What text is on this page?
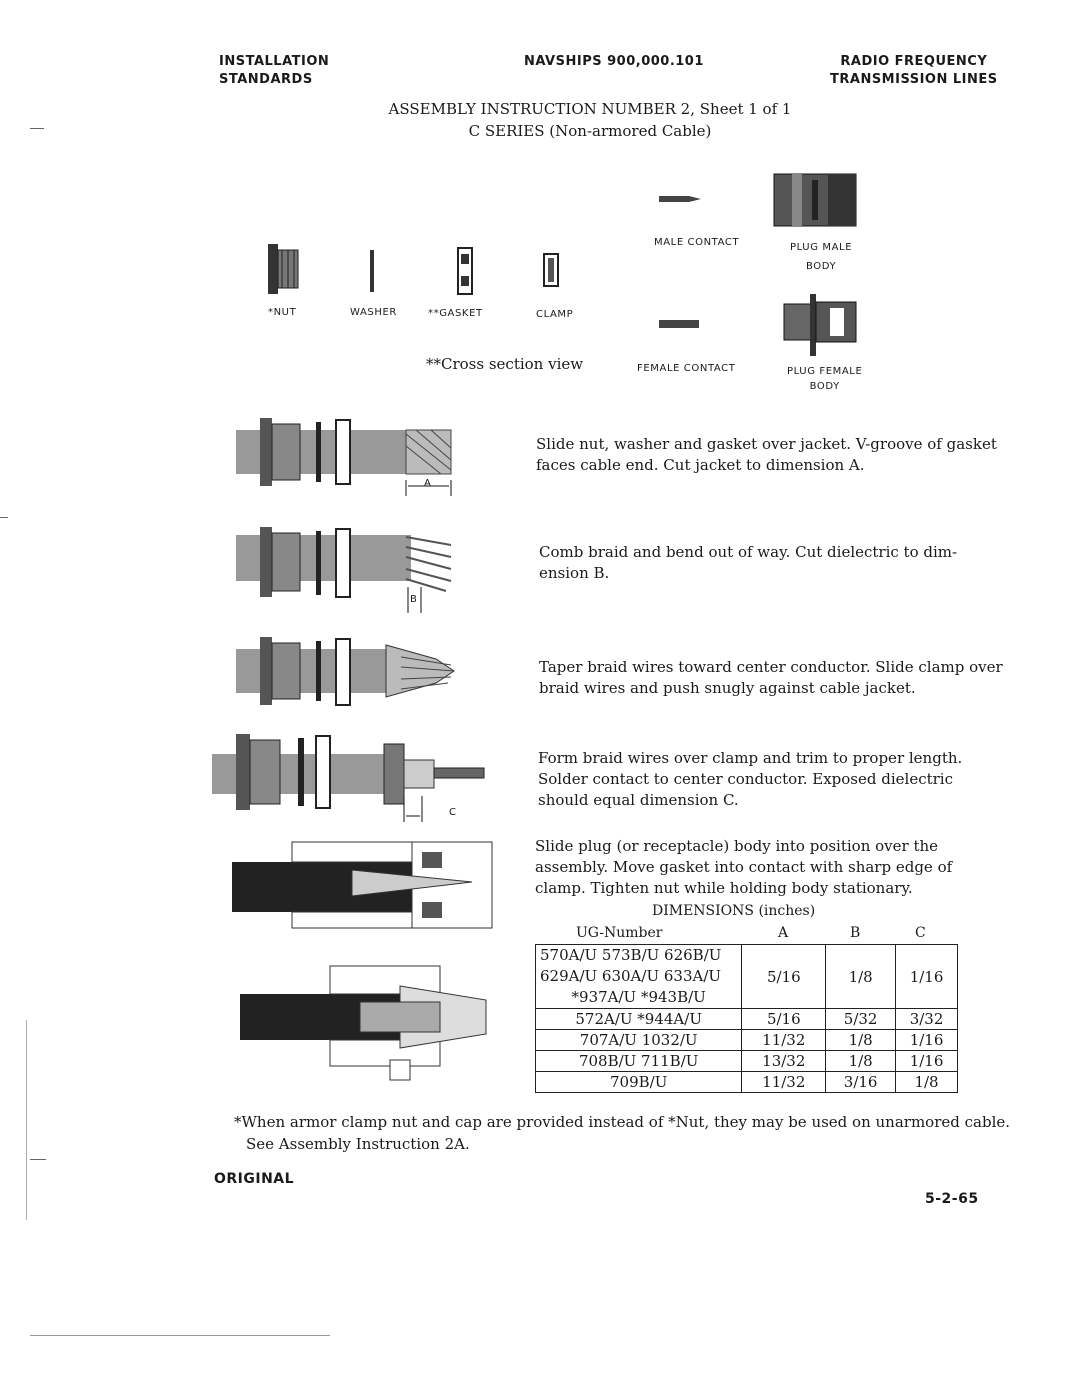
INSTALLATION
STANDARDS
NAVSHIPS 900,000.101	RADIO FREQUENCY
TRANSMISSION LINES
ASSEMBLY INSTRUCTION NUMBER 2, Sheet 1 of 1
C SERIES (Non-armored Cable)
*NUT	WASHER	**GASKET	CLAMP
**Cross section view
MALE CONTACT
FEMALE CONTACT
PLUG MALE
BODY
PLUG FEMALE
BODY
A
Slide nut, washer and gasket over jacket. V-groove of gasket
faces cable end. Cut jacket to dimension A.
B
Comb braid and bend out of way. Cut dielectric to dim-
ension B.
Taper braid wires toward center conductor. Slide clamp over
braid wires and push snugly against cable jacket.
C
Form braid wires over clamp and trim to proper length.
Solder contact to center conductor. Exposed dielectric
should equal dimension C.
Slide plug (or receptacle) body into position over the
assembly. Move gasket into contact with sharp edge of
clamp. Tighten nut while holding body stationary.
DIMENSIONS (inches)
UG-Number	A	B	C
570A/U 573B/U 626B/U
629A/U 630A/U 633A/U
*937A/U *943B/U	5/16	1/8	1/16
572A/U *944A/U	5/16	5/32	3/32
707A/U 1032/U	11/32	1/8	1/16
708B/U 711B/U	13/32	1/8	1/16
709B/U	11/32	3/16	1/8
*When armor clamp nut and cap are provided instead of *Nut, they may be used on unarmored cable.
See Assembly Instruction 2A.
ORIGINAL
5-2-65
